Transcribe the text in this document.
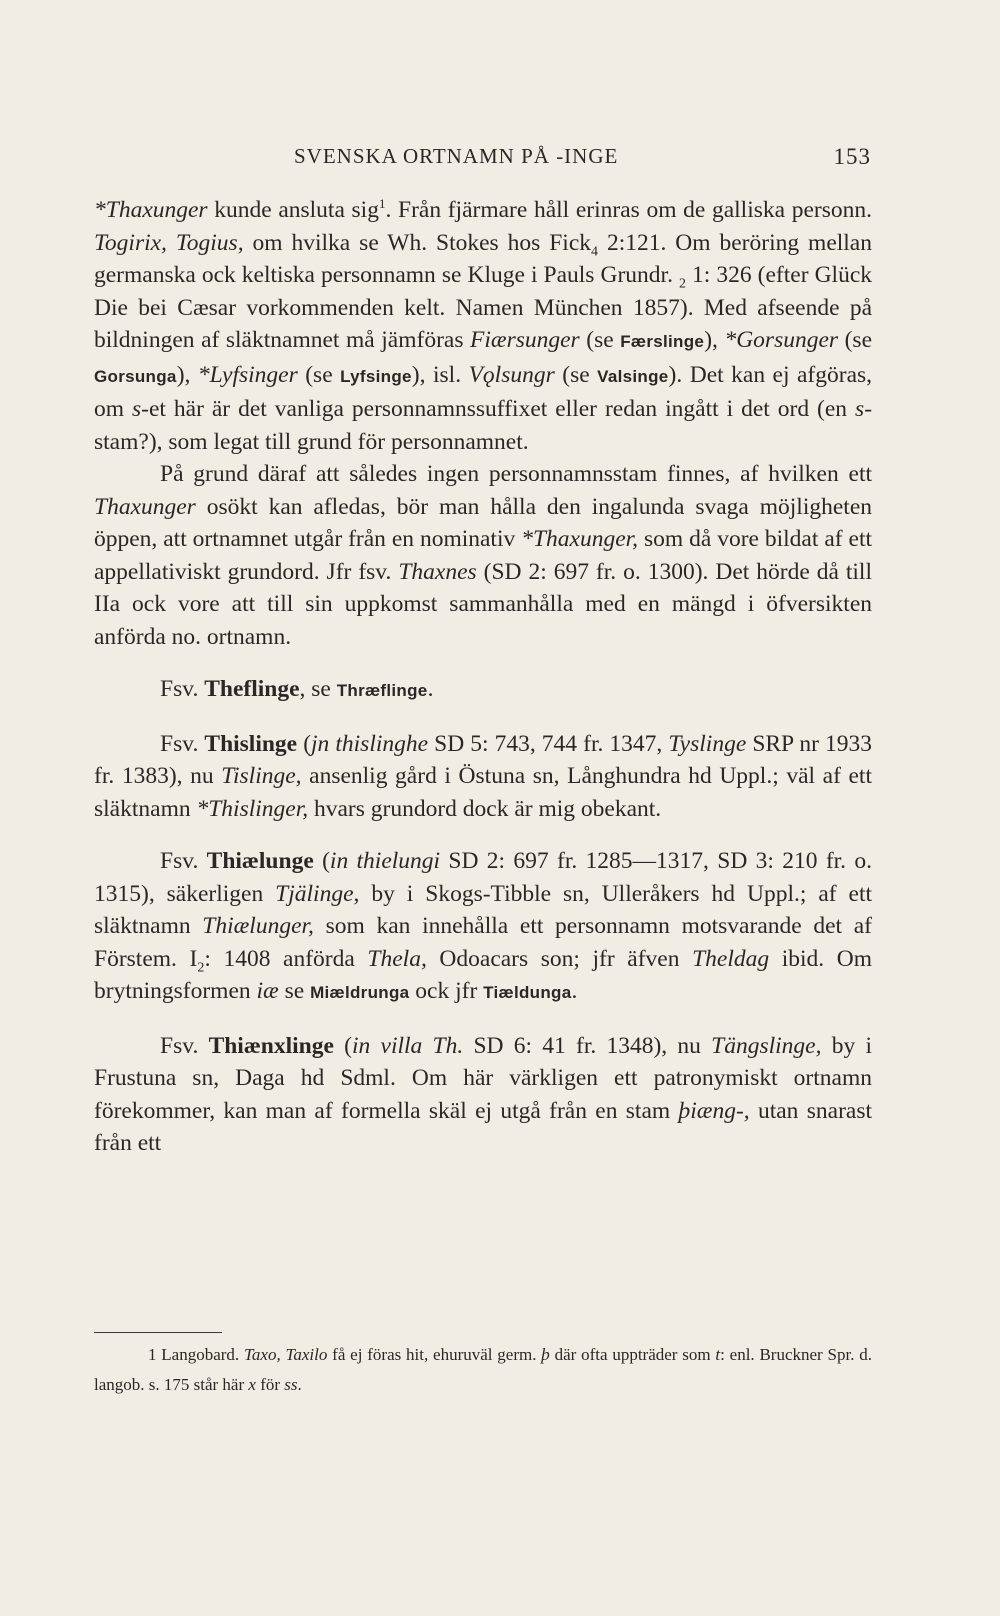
SVENSKA ORTNAMN PÅ -INGE	153

*Thaxunger kunde ansluta sig$^1$. Från fjärmare håll erinras om de galliska personn. Togirix, Togius, om hvilka se Wh. Stokes hos Fick$_4$ 2:121. Om beröring mellan germanska ock keltiska personnamn se Kluge i Pauls Grundr. $_2$ 1: 326 (efter Glück Die bei Cæsar vorkommenden kelt. Namen München 1857). Med afseende på bildningen af släktnamnet må jämföras Fiærsunger (se Færslinge), *Gorsunger (se Gorsunga), *Lyfsinger (se Lyfsinge), isl. Vǫlsungr (se Valsinge). Det kan ej afgöras, om s-et här är det vanliga personnamnssuffixet eller redan ingått i det ord (en s-stam?), som legat till grund för personnamnet.

På grund däraf att således ingen personnamnsstam finnes, af hvilken ett Thaxunger osökt kan afledas, bör man hålla den ingalunda svaga möjligheten öppen, att ortnamnet utgår från en nominativ *Thaxunger, som då vore bildat af ett appellativiskt grundord. Jfr fsv. Thaxnes (SD 2: 697 fr. o. 1300). Det hörde då till IIa ock vore att till sin uppkomst sammanhålla med en mängd i öfversikten anförda no. ortnamn.

Fsv. Theflinge, se Thræflinge.

Fsv. Thislinge (jn thislinghe SD 5: 743, 744 fr. 1347, Tyslinge SRP nr 1933 fr. 1383), nu Tislinge, ansenlig gård i Östuna sn, Långhundra hd Uppl.; väl af ett släktnamn *Thislinger, hvars grundord dock är mig obekant.

Fsv. Thiælunge (in thielungi SD 2: 697 fr. 1285—1317, SD 3: 210 fr. o. 1315), säkerligen Tjälinge, by i Skogs-Tibble sn, Ulleråkers hd Uppl.; af ett släktnamn Thiælunger, som kan innehålla ett personnamn motsvarande det af Förstem. $I_2$: 1408 anförda Thela, Odoacars son; jfr äfven Theldag ibid. Om brytningsformen iæ se Miældrunga ock jfr Tiældunga.

Fsv. Thiænxlinge (in villa Th. SD 6: 41 fr. 1348), nu Tängslinge, by i Frustuna sn, Daga hd Sdml. Om här värkligen ett patronymiskt ortnamn förekommer, kan man af formella skäl ej utgå från en stam þiæng-, utan snarast från ett

1 Langobard. Taxo, Taxilo få ej föras hit, ehuruväl germ. þ där ofta uppträder som t: enl. Bruckner Spr. d. langob. s. 175 står här x för ss.
